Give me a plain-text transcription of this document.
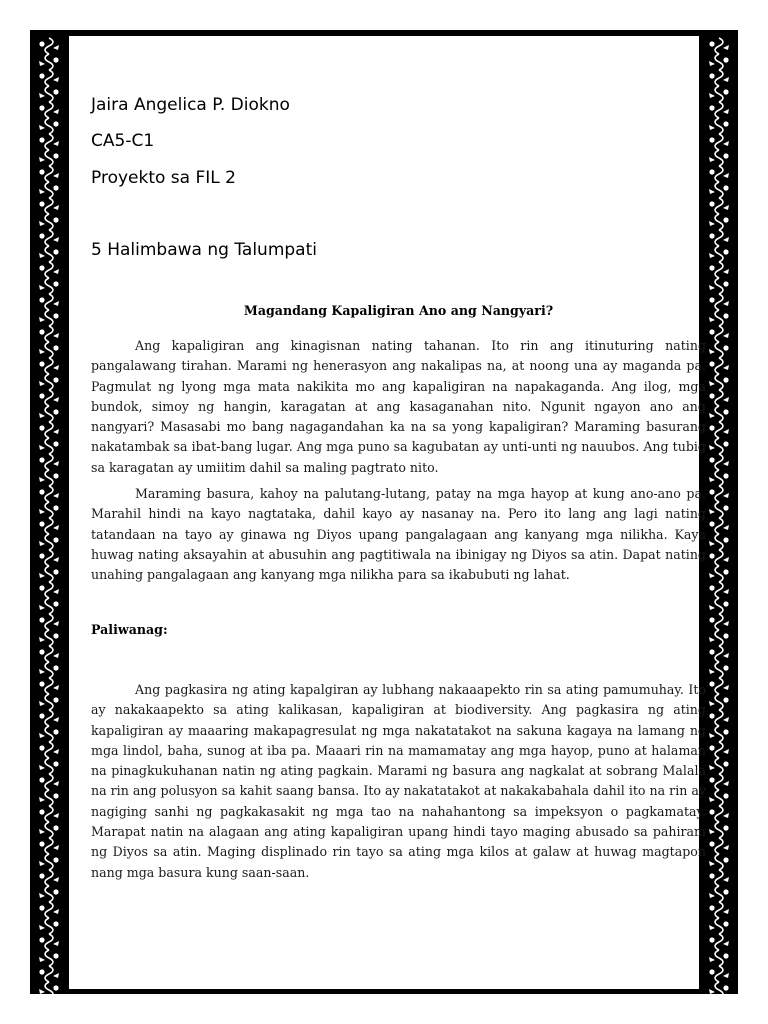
Jaira Angelica P. Diokno
CA5-C1
Proyekto sa FIL 2
5 Halimbawa ng Talumpati
Magandang Kapaligiran Ano ang Nangyari?

Ang kapaligiran ang kinagisnan nating tahanan. Ito rin ang itinuturing nating pangalawang tirahan. Marami ng henerasyon ang nakalipas na, at noong una ay maganda pa. Pagmulat ng lyong mga mata nakikita mo ang kapaligiran na napakaganda. Ang ilog, mga bundok, simoy ng hangin, karagatan at ang kasaganahan nito. Ngunit ngayon ano ang nangyari? Masasabi mo bang nagagandahan ka na sa yong kapaligiran? Maraming basurang nakatambak sa ibat-bang lugar. Ang mga puno sa kagubatan ay unti-unti ng nauubos. Ang tubig sa karagatan ay umiitim dahil sa maling pagtrato nito.

Maraming basura, kahoy na palutang-lutang, patay na mga hayop at kung ano-ano pa. Marahil hindi na kayo nagtataka, dahil kayo ay nasanay na. Pero ito lang ang lagi nating tatandaan na tayo ay ginawa ng Diyos upang pangalagaan ang kanyang mga nilikha. Kaya huwag nating aksayahin at abusuhin ang pagtitiwala na ibinigay ng Diyos sa atin. Dapat nating unahing pangalagaan ang kanyang mga nilikha para sa ikabubuti ng lahat.

Paliwanag:

Ang pagkasira ng ating kapalgiran ay lubhang nakaaapekto rin sa ating pamumuhay. Ito ay nakakaapekto sa ating kalikasan, kapaligiran at biodiversity. Ang pagkasira ng ating kapaligiran ay maaaring makapagresulat ng mga nakatatakot na sakuna kagaya na lamang ng mga lindol, baha, sunog at iba pa. Maaari rin na mamamatay ang mga hayop, puno at halaman na pinagkukuhanan natin ng ating pagkain. Marami ng basura ang nagkalat at sobrang Malala na rin ang polusyon sa kahit saang bansa. Ito ay nakatatakot at nakakabahala dahil ito na rin ay nagiging sanhi ng pagkakasakit ng mga tao na nahahantong sa impeksyon o pagkamatay. Marapat natin na alagaan ang ating kapaligiran upang hindi tayo maging abusado sa pahiram ng Diyos sa atin. Maging displinado rin tayo sa ating mga kilos at galaw at huwag magtapon nang mga basura kung saan-saan.
